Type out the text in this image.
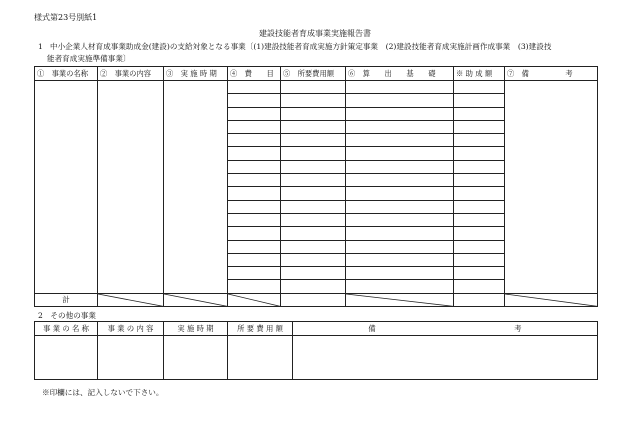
様式第23号別紙1
建設技能者育成事業実施報告書
1 中小企業人材育成事業助成金(建設)の支給対象となる事業〔(1)建設技能者育成実施方針策定事業　(2)建設技能者育成実施計画作成事業　(3)建設技
能者育成実施準備事業〕
①　事業の名称	②　事業の内容	③　実 施 時 期	④　費　　目	⑤　所要費用額	⑥　算　　出　　基　　礎	※ 助 成 額	⑦　備　　　　　考

計	

2　その他の事業
事 業 の 名 称	事 業 の 内 容	実 施 時 期	所 要 費 用 額	備　　　　　　　　　　　　　　　　　　　考

※印欄には、記入しないで下さい。
